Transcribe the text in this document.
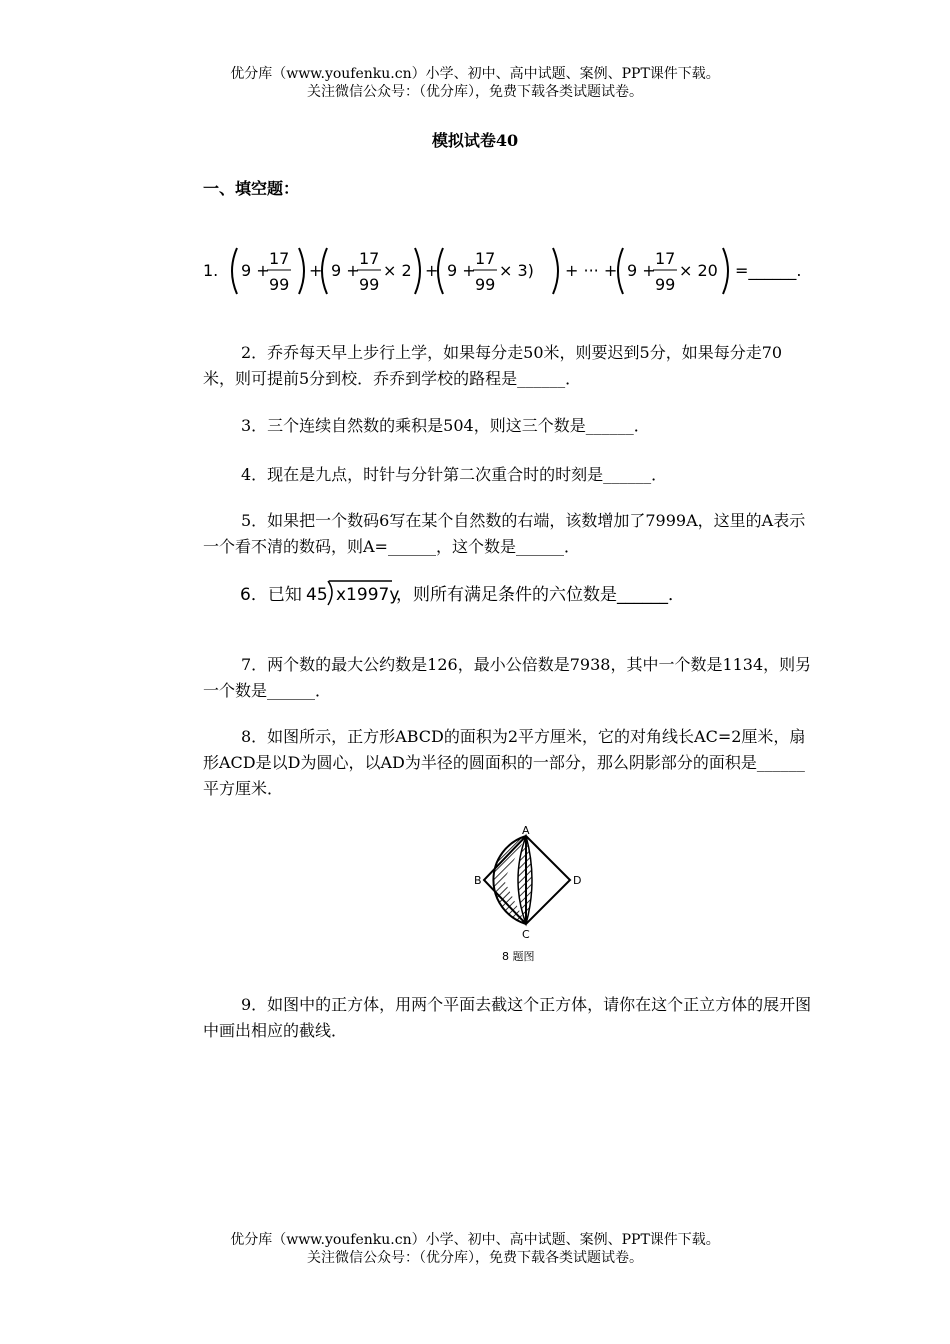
优分库（www.youfenku.cn）小学、初中、高中试题、案例、PPT课件下载。
关注微信公众号：（优分库），免费下载各类试题试卷。
模拟试卷40
一、填空题：
1. 9 +
17
99
+ 9 +
17
99
× 2 + 9 +
17
99
× 3) + ··· + 9 +
17
99
× 20 =______.
2．乔乔每天早上步行上学，如果每分走50米，则要迟到5分，如果每分走70米，则可提前5分到校．乔乔到学校的路程是______．
3．三个连续自然数的乘积是504，则这三个数是______．
4．现在是九点，时针与分针第二次重合时的时刻是______．
5．如果把一个数码6写在某个自然数的右端，该数增加了7999A，这里的A表示一个看不清的数码，则A=______，这个数是______．
6．已知 45 x1997y
，则所有满足条件的六位数是______．
7．两个数的最大公约数是126，最小公倍数是7938，其中一个数是1134，则另一个数是______．
8．如图所示，正方形ABCD的面积为2平方厘米，它的对角线长AC=2厘米，扇形ACD是以D为圆心，以AD为半径的圆面积的一部分，那么阴影部分的面积是______平方厘米．
A
B
C
D
8 题图
9．如图中的正方体，用两个平面去截这个正方体，请你在这个正立方体的展开图中画出相应的截线．
优分库（www.youfenku.cn）小学、初中、高中试题、案例、PPT课件下载。
关注微信公众号：（优分库），免费下载各类试题试卷。
